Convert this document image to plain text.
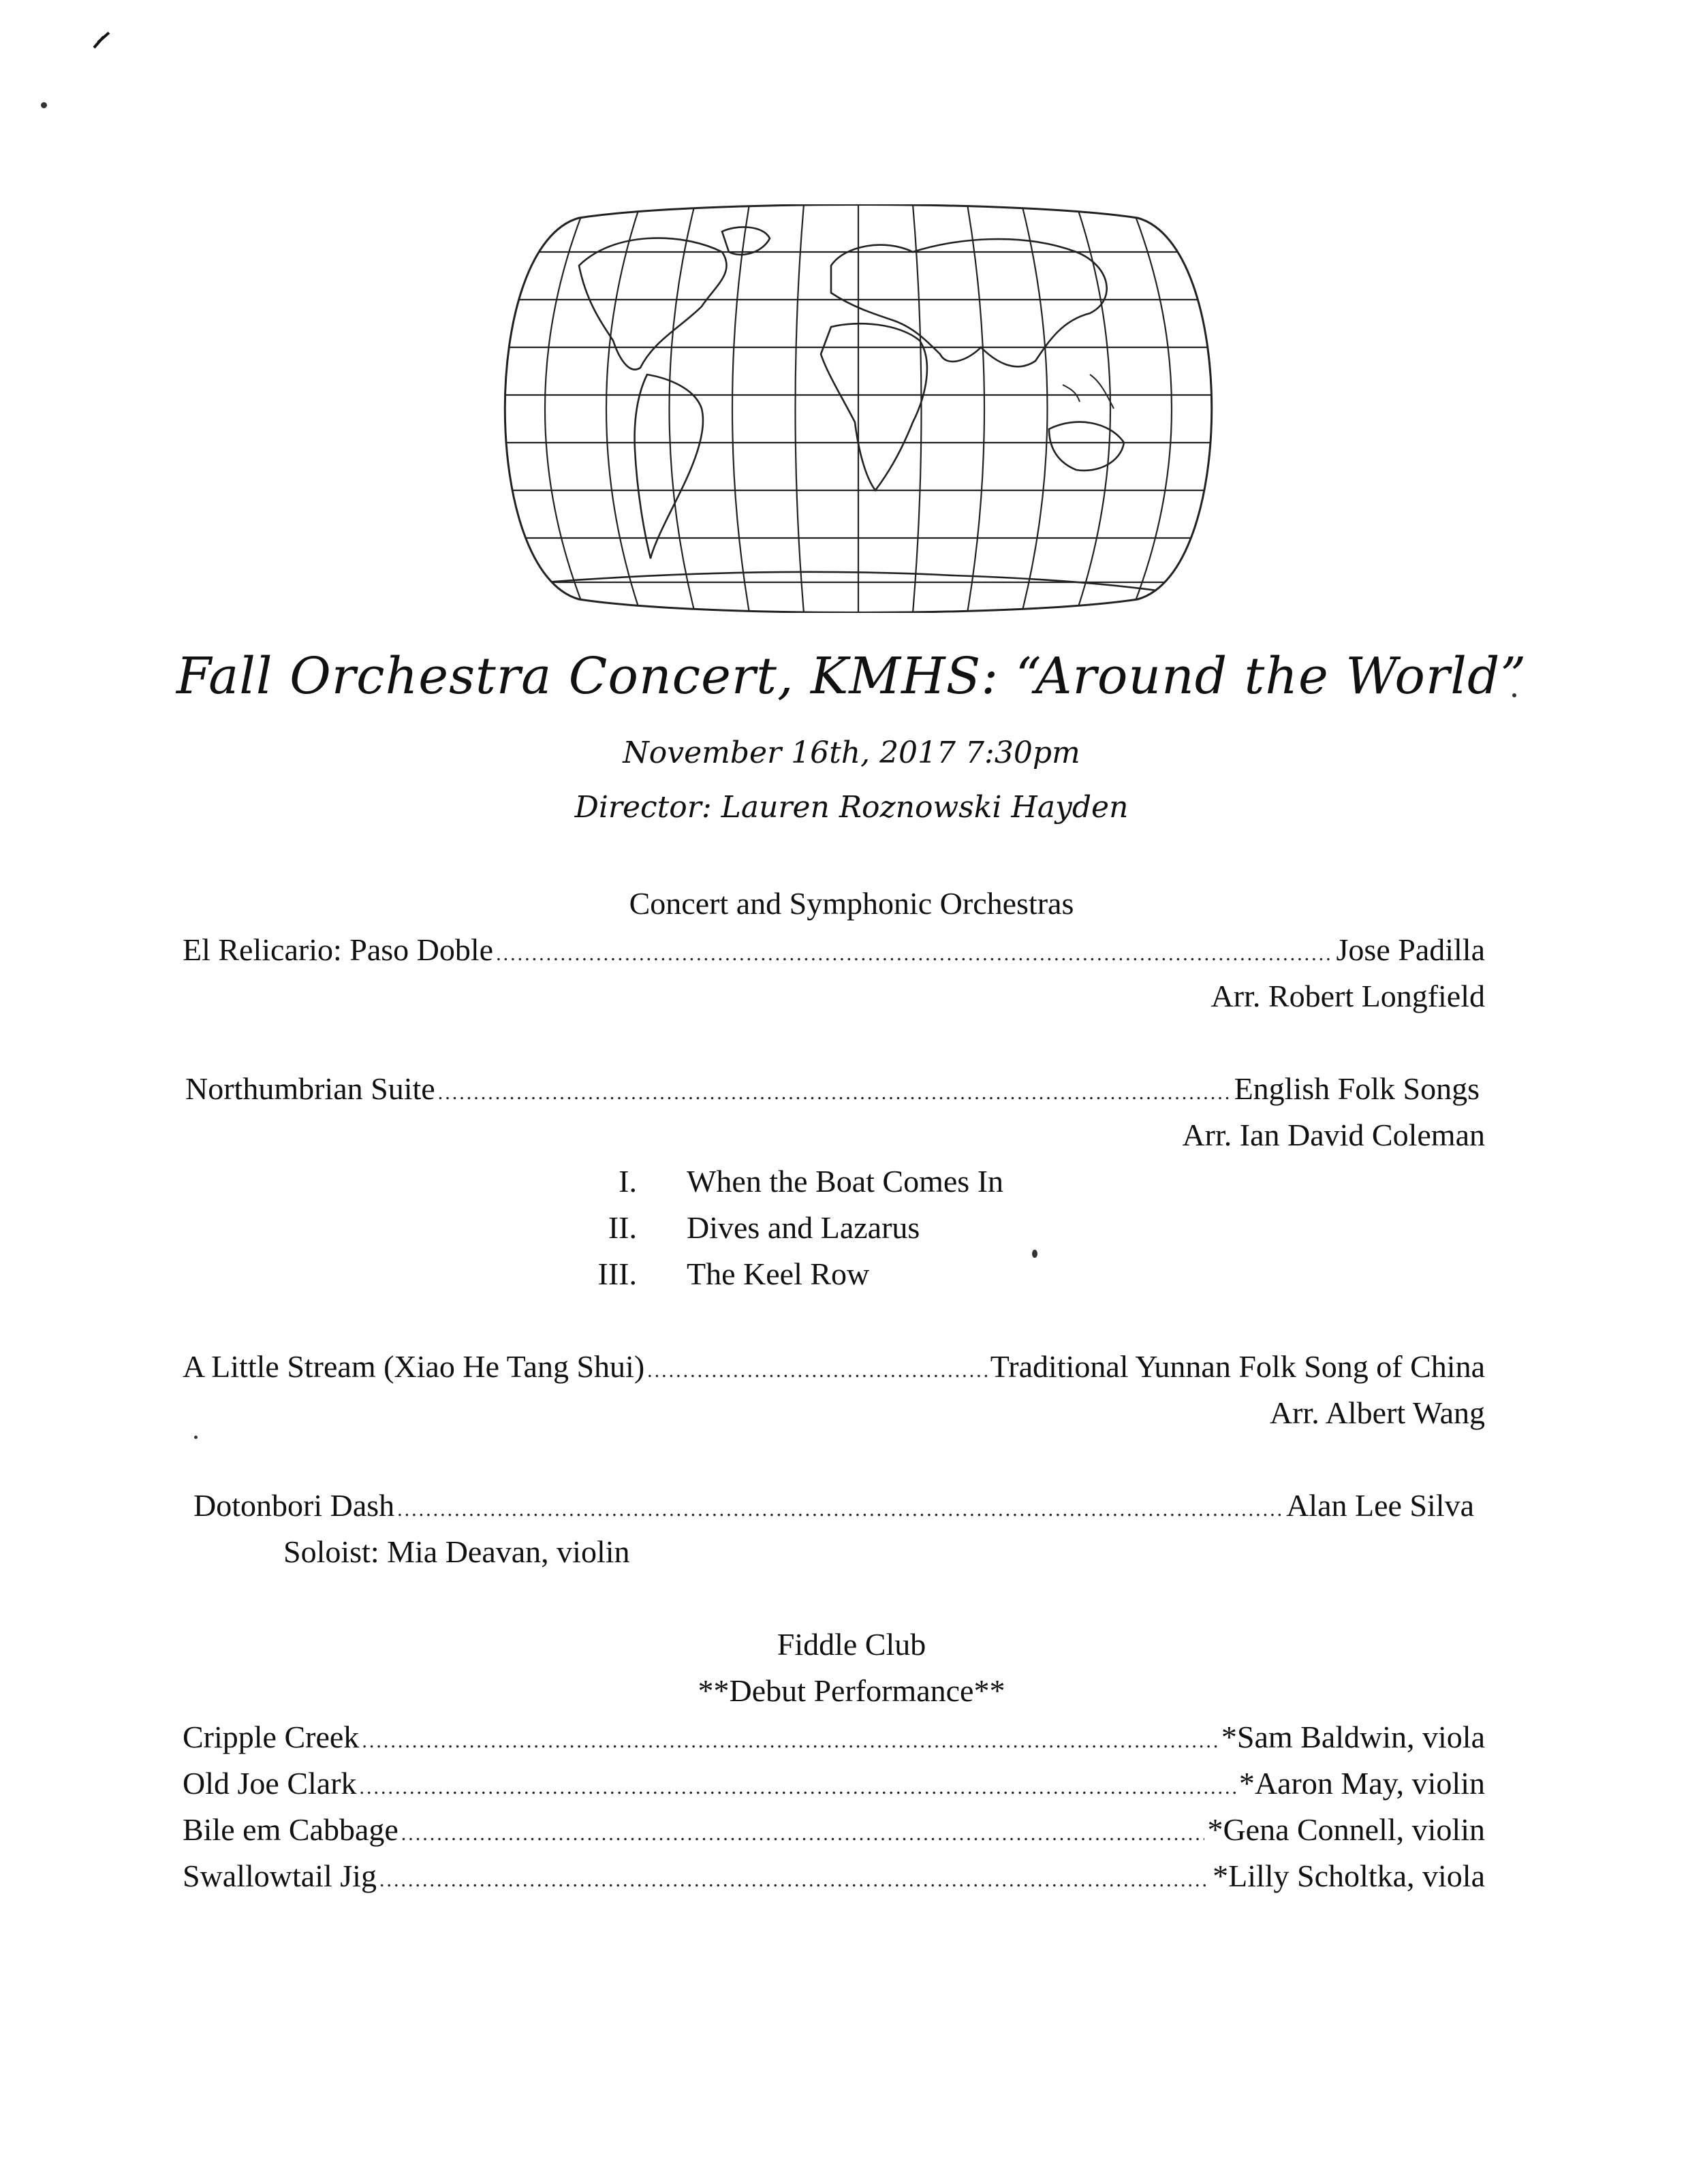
Fall Orchestra Concert, KMHS: “Around the World”
November 16th, 2017 7:30pm
Director: Lauren Roznowski Hayden
Concert and Symphonic Orchestras
El Relicario: Paso Doble .....	Jose Padilla
Arr. Robert Longfield
Northumbrian Suite .....	English Folk Songs
Arr. Ian David Coleman
I. When the Boat Comes In
II. Dives and Lazarus
III. The Keel Row
A Little Stream (Xiao He Tang Shui) .....	Traditional Yunnan Folk Song of China
Arr. Albert Wang
Dotonbori Dash .....	Alan Lee Silva
Soloist: Mia Deavan, violin
Fiddle Club
**Debut Performance**
Cripple Creek .....	*Sam Baldwin, viola
Old Joe Clark .....	*Aaron May, violin
Bile em Cabbage .....	*Gena Connell, violin
Swallowtail Jig .....	*Lilly Scholtka, viola
